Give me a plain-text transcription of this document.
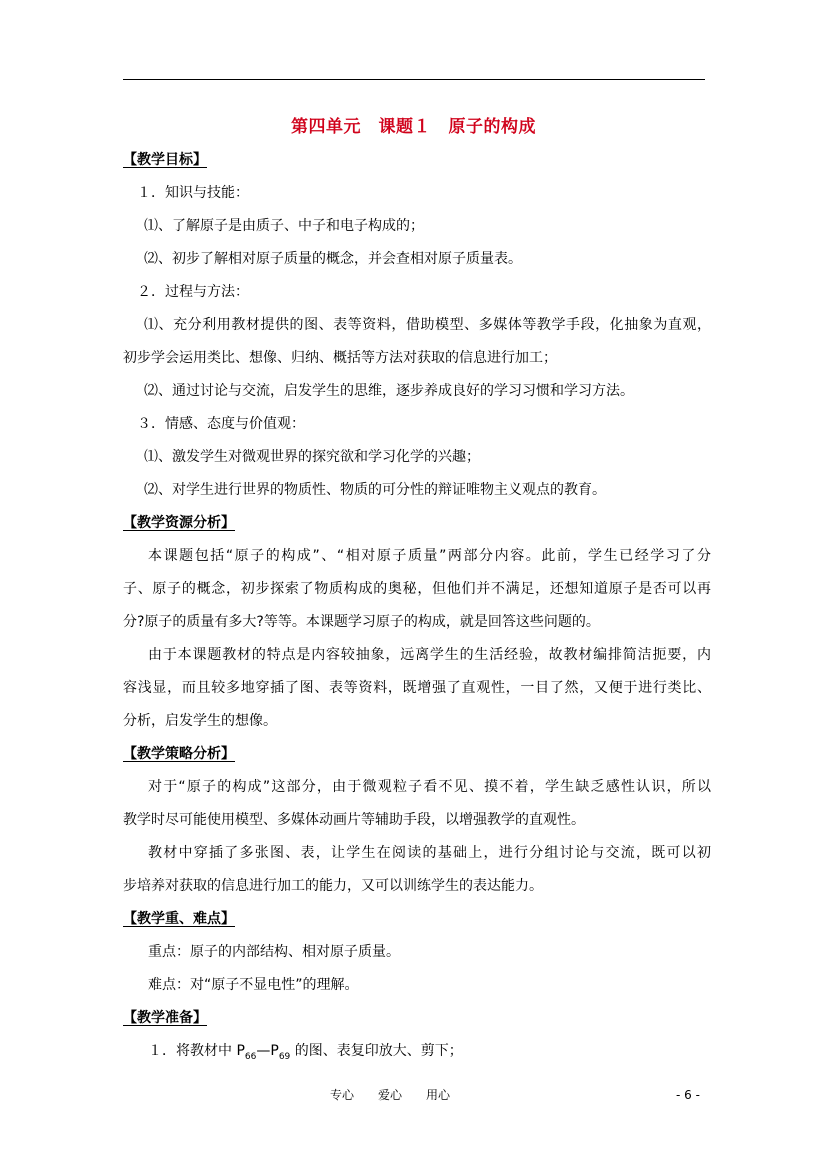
第四单元　课题１　原子的构成
【教学目标】
１．知识与技能：
⑴、了解原子是由质子、中子和电子构成的；
⑵、初步了解相对原子质量的概念，并会查相对原子质量表。
２．过程与方法：
⑴、充分利用教材提供的图、表等资料，借助模型、多媒体等教学手段，化抽象为直观，
初步学会运用类比、想像、归纳、概括等方法对获取的信息进行加工；
⑵、通过讨论与交流，启发学生的思维，逐步养成良好的学习习惯和学习方法。
３．情感、态度与价值观：
⑴、激发学生对微观世界的探究欲和学习化学的兴趣；
⑵、对学生进行世界的物质性、物质的可分性的辩证唯物主义观点的教育。
【教学资源分析】
本课题包括“原子的构成”、“相对原子质量”两部分内容。此前，学生已经学习了分
子、原子的概念，初步探索了物质构成的奥秘，但他们并不满足，还想知道原子是否可以再
分?原子的质量有多大?等等。本课题学习原子的构成，就是回答这些问题的。
由于本课题教材的特点是内容较抽象，远离学生的生活经验，故教材编排简洁扼要，内
容浅显，而且较多地穿插了图、表等资料，既增强了直观性，一目了然，又便于进行类比、
分析，启发学生的想像。
【教学策略分析】
对于“原子的构成”这部分，由于微观粒子看不见、摸不着，学生缺乏感性认识，所以
教学时尽可能使用模型、多媒体动画片等辅助手段，以增强教学的直观性。
教材中穿插了多张图、表，让学生在阅读的基础上，进行分组讨论与交流，既可以初
步培养对获取的信息进行加工的能力，又可以训练学生的表达能力。
【教学重、难点】
重点：原子的内部结构、相对原子质量。
难点：对“原子不显电性”的理解。
【教学准备】
１．将教材中 $P_{66}—P_{69}$ 的图、表复印放大、剪下；
专心　　爱心　　用心	- 6 -
